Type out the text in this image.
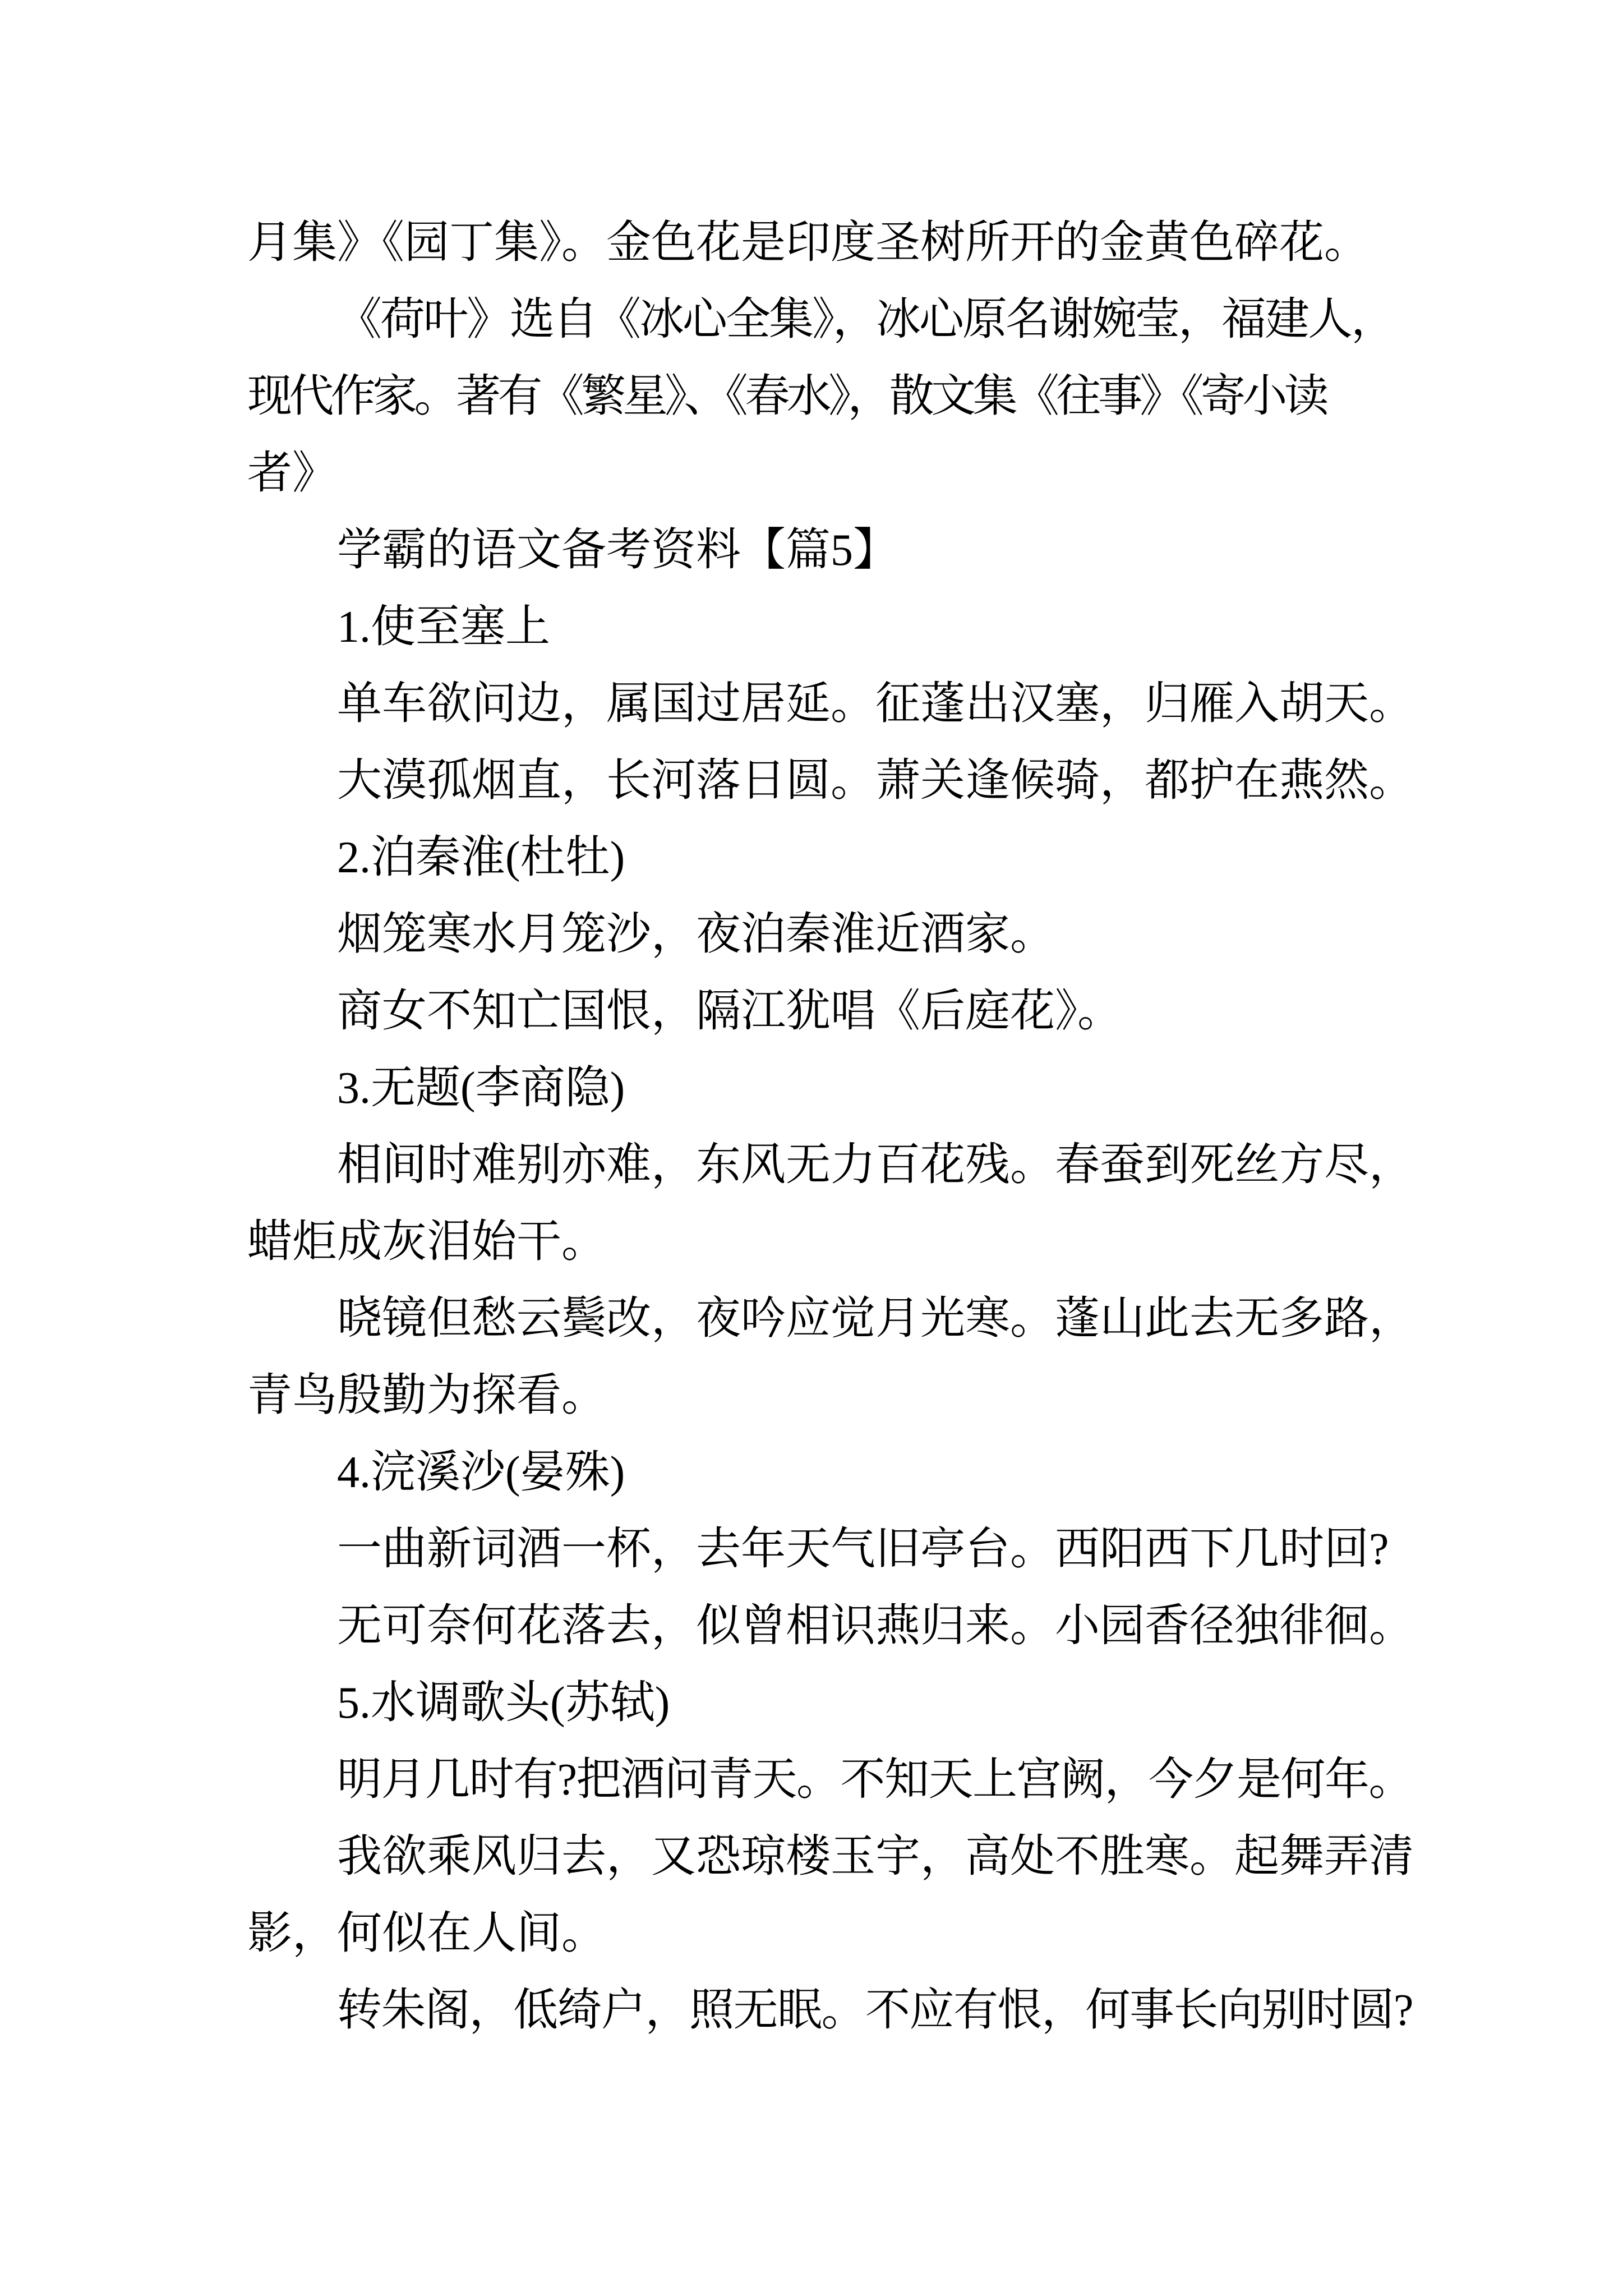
月集》《园丁集》。金色花是印度圣树所开的金黄色碎花。
《荷叶》选自《冰心全集》，冰心原名谢婉莹，福建人，
现代作家。著有《繁星》、《春水》，散文集《往事》《寄小读
者》
学霸的语文备考资料【篇5】
1.使至塞上
单车欲问边，属国过居延。征蓬出汉塞，归雁入胡天。
大漠孤烟直，长河落日圆。萧关逢候骑，都护在燕然。
2.泊秦淮(杜牡)
烟笼寒水月笼沙，夜泊秦淮近酒家。
商女不知亡国恨，隔江犹唱《后庭花》。
3.无题(李商隐)
相间时难别亦难，东风无力百花残。春蚕到死丝方尽，
蜡炬成灰泪始干。
晓镜但愁云鬓改，夜吟应觉月光寒。蓬山此去无多路，
青鸟殷勤为探看。
4.浣溪沙(晏殊)
一曲新词酒一杯，去年天气旧亭台。西阳西下几时回?
无可奈何花落去，似曾相识燕归来。小园香径独徘徊。
5.水调歌头(苏轼)
明月几时有?把酒问青天。不知天上宫阙，今夕是何年。
我欲乘风归去，又恐琼楼玉宇，高处不胜寒。起舞弄清
影，何似在人间。
转朱阁，低绮户，照无眠。不应有恨，何事长向别时圆?
